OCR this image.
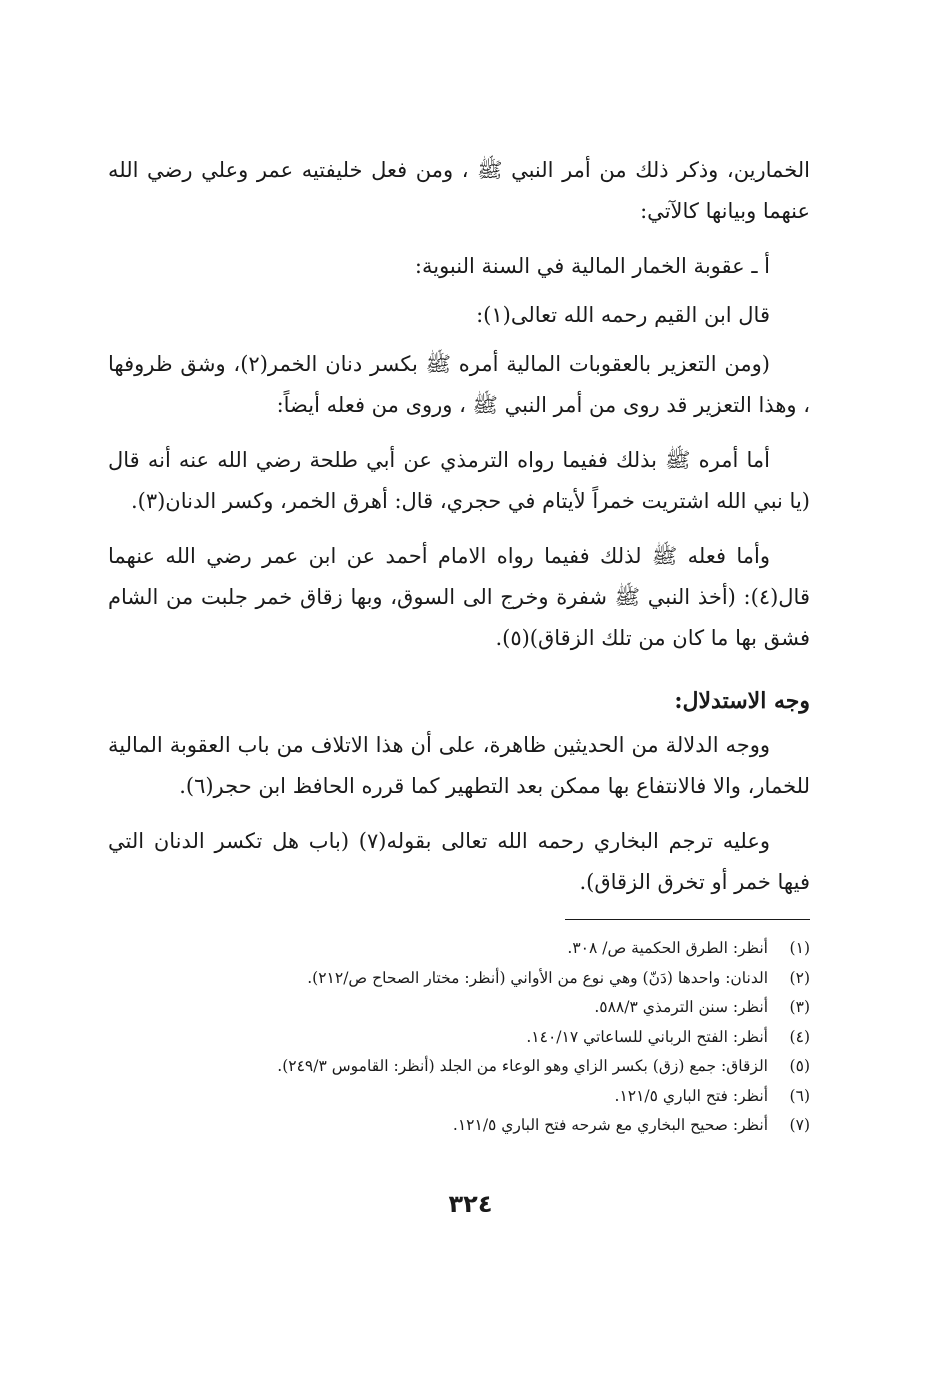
الخمارين، وذكر ذلك من أمر النبي ﷺ ، ومن فعل خليفتيه عمر وعلي رضي الله عنهما وبيانها كالآتي:

أ ـ عقوبة الخمار المالية في السنة النبوية:

قال ابن القيم رحمه الله تعالى(١):

(ومن التعزير بالعقوبات المالية أمره ﷺ بكسر دنان الخمر(٢)، وشق ظروفها ، وهذا التعزير قد روى من أمر النبي ﷺ ، وروى من فعله أيضاً:

أما أمره ﷺ بذلك ففيما رواه الترمذي عن أبي طلحة رضي الله عنه أنه قال (يا نبي الله اشتريت خمراً لأيتام في حجري، قال: أهرق الخمر، وكسر الدنان(٣).

وأما فعله ﷺ لذلك ففيما رواه الامام أحمد عن ابن عمر رضي الله عنهما قال(٤): (أخذ النبي ﷺ شفرة وخرج الى السوق، وبها زقاق خمر جلبت من الشام فشق بها ما كان من تلك الزقاق)(٥).

وجه الاستدلال:

ووجه الدلالة من الحديثين ظاهرة، على أن هذا الاتلاف من باب العقوبة المالية للخمار، والا فالانتفاع بها ممكن بعد التطهير كما قرره الحافظ ابن حجر(٦).

وعليه ترجم البخاري رحمه الله تعالى بقوله(٧) (باب هل تكسر الدنان التي فيها خمر أو تخرق الزقاق).

(١)أنظر: الطرق الحكمية ص/ ٣٠٨.
(٢)الدنان: واحدها (دَنّ) وهي نوع من الأواني (أنظر: مختار الصحاح ص/٢١٢).
(٣)أنظر: سنن الترمذي ٥٨٨/٣.
(٤)أنظر: الفتح الرباني للساعاتي ١٤٠/١٧.
(٥)الزقاق: جمع (زق) بكسر الزاي وهو الوعاء من الجلد (أنظر: القاموس ٢٤٩/٣).
(٦)أنظر: فتح الباري ١٢١/٥.
(٧)أنظر: صحيح البخاري مع شرحه فتح الباري ١٢١/٥.
٣٢٤
